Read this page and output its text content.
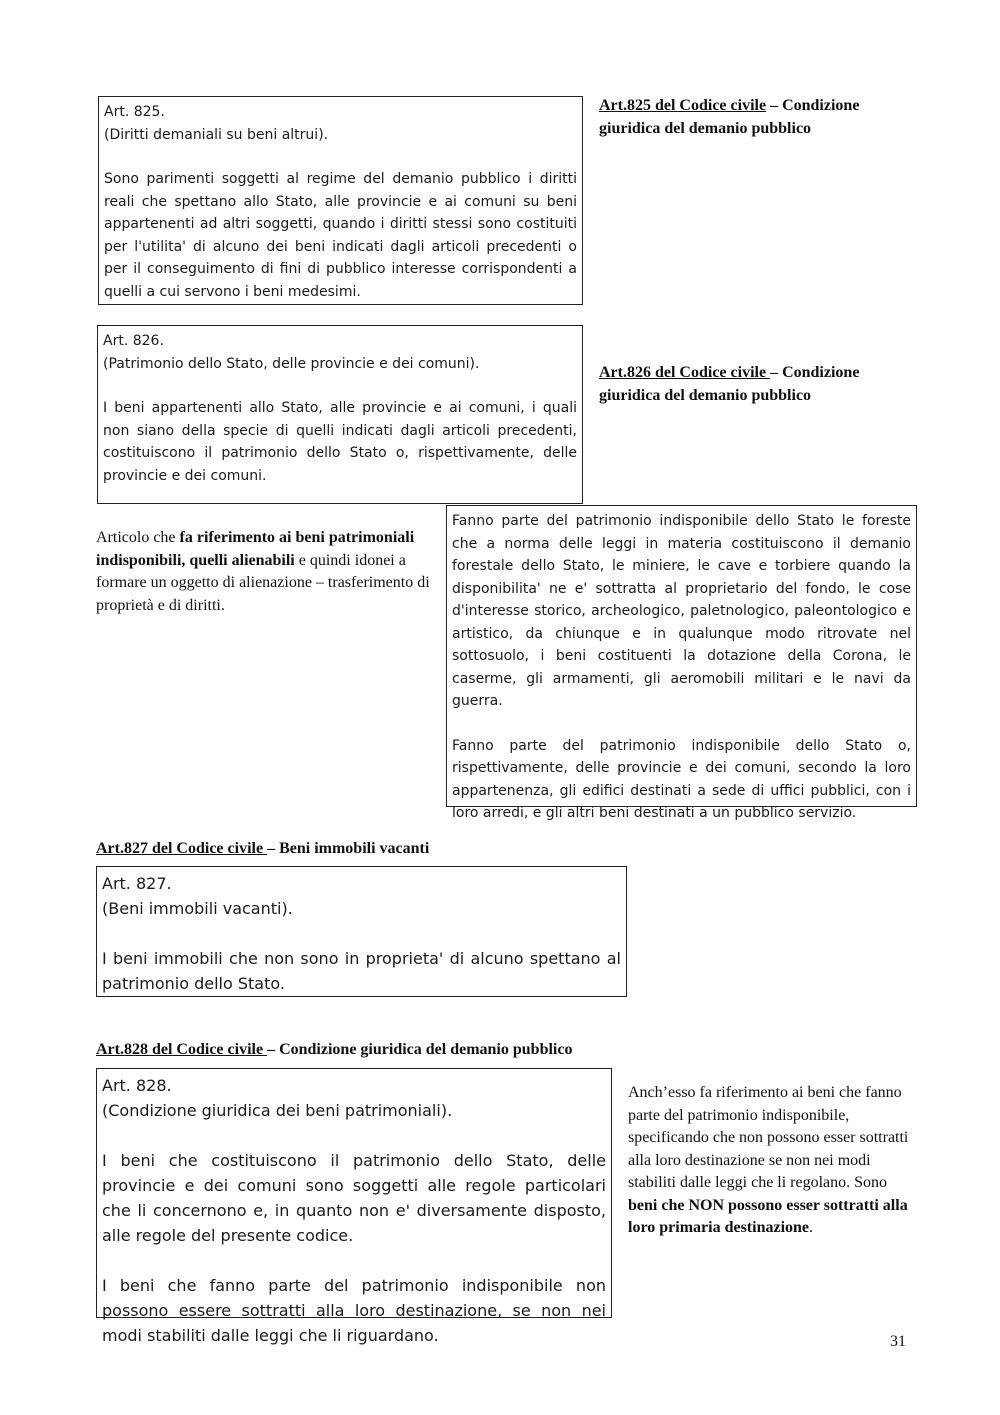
Art. 825.

(Diritti demaniali su beni altrui).

Sono parimenti soggetti al regime del demanio pubblico i diritti reali che spettano allo Stato, alle provincie e ai comuni su beni appartenenti ad altri soggetti, quando i diritti stessi sono costituiti per l'utilita' di alcuno dei beni indicati dagli articoli precedenti o per il conseguimento di fini di pubblico interesse corrispondenti a quelli a cui servono i beni medesimi.

Art.825 del Codice civile – Condizione giuridica del demanio pubblico

Art. 826.

(Patrimonio dello Stato, delle provincie e dei comuni).

I beni appartenenti allo Stato, alle provincie e ai comuni, i quali non siano della specie di quelli indicati dagli articoli precedenti, costituiscono il patrimonio dello Stato o, rispettivamente, delle provincie e dei comuni.

Art.826 del Codice civile – Condizione giuridica del demanio pubblico
Articolo che fa riferimento ai beni patrimoniali indisponibili, quelli alienabili e quindi idonei a formare un oggetto di alienazione – trasferimento di proprietà e di diritti.

Fanno parte del patrimonio indisponibile dello Stato le foreste che a norma delle leggi in materia costituiscono il demanio forestale dello Stato, le miniere, le cave e torbiere quando la disponibilita' ne e' sottratta al proprietario del fondo, le cose d'interesse storico, archeologico, paletnologico, paleontologico e artistico, da chiunque e in qualunque modo ritrovate nel sottosuolo, i beni costituenti la dotazione della Corona, le caserme, gli armamenti, gli aeromobili militari e le navi da guerra.

Fanno parte del patrimonio indisponibile dello Stato o, rispettivamente, delle provincie e dei comuni, secondo la loro appartenenza, gli edifici destinati a sede di uffici pubblici, con i loro arredi, e gli altri beni destinati a un pubblico servizio.

Art.827 del Codice civile – Beni immobili vacanti

Art. 827.

(Beni immobili vacanti).

I beni immobili che non sono in proprieta' di alcuno spettano al patrimonio dello Stato.

Art.828 del Codice civile – Condizione giuridica del demanio pubblico

Art. 828.

(Condizione giuridica dei beni patrimoniali).

I beni che costituiscono il patrimonio dello Stato, delle provincie e dei comuni sono soggetti alle regole particolari che li concernono e, in quanto non e' diversamente disposto, alle regole del presente codice.

I beni che fanno parte del patrimonio indisponibile non possono essere sottratti alla loro destinazione, se non nei modi stabiliti dalle leggi che li riguardano.

Anch’esso fa riferimento ai beni che fanno parte del patrimonio indisponibile, specificando che non possono esser sottratti alla loro destinazione se non nei modi stabiliti dalle leggi che li regolano. Sono beni che NON possono esser sottratti alla loro primaria destinazione.
31
